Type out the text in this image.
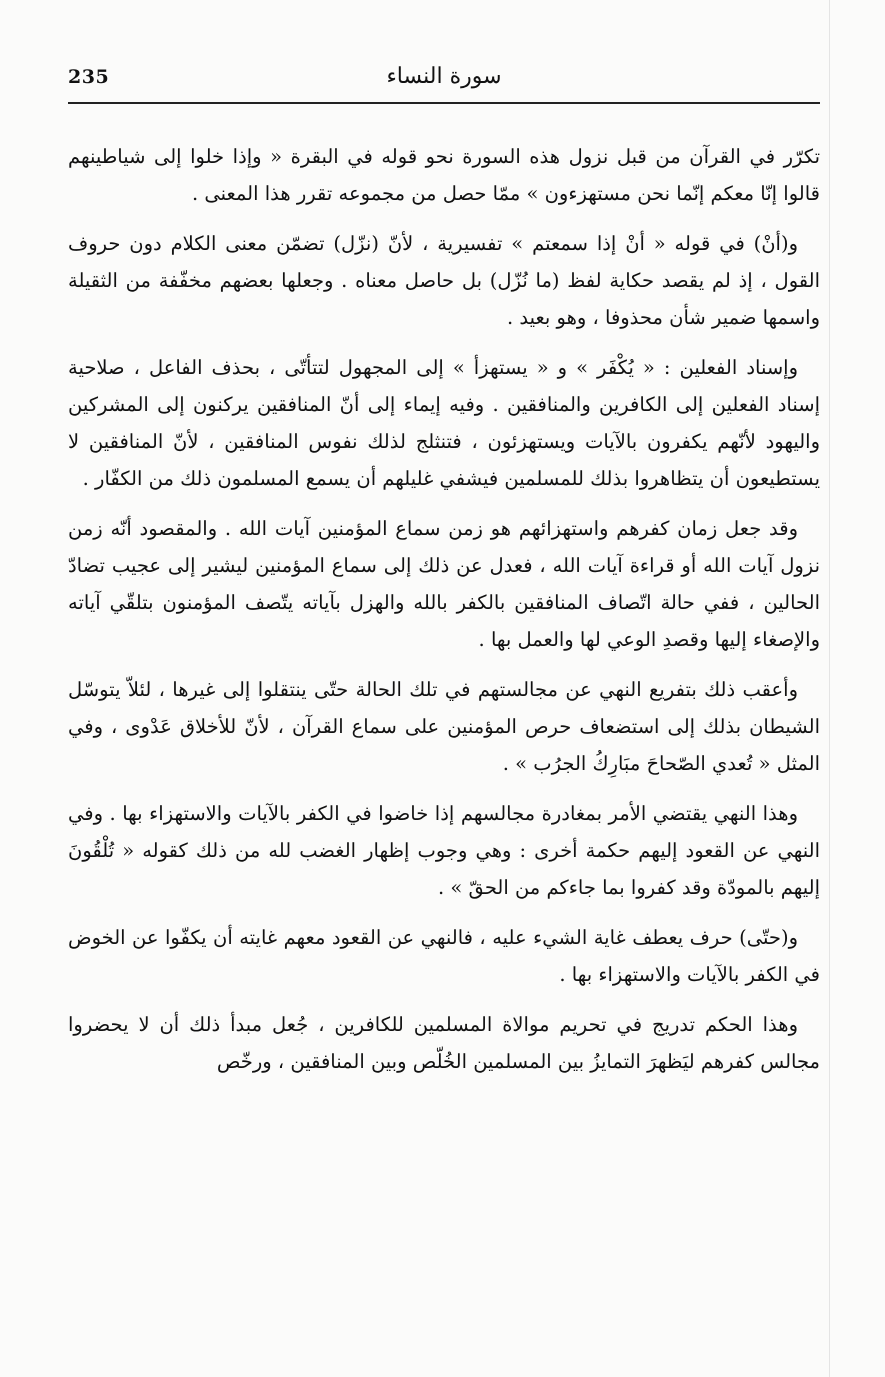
235	سورة النساء

تكرّر في القرآن من قبل نزول هذه السورة نحو قوله في البقرة « وإذا خلوا إلى شياطينهم قالوا إنّا معكم إنّما نحن مستهزءون » ممّا حصل من مجموعه تقرر هذا المعنى .

و(أنْ) في قوله « أنْ إذا سمعتم » تفسيرية ، لأنّ (نزّل) تضمّن معنى الكلام دون حروف القول ، إذ لم يقصد حكاية لفظ (ما نُزّل) بل حاصل معناه . وجعلها بعضهم مخفّفة من الثقيلة واسمها ضمير شأن محذوفا ، وهو بعيد .

وإسناد الفعلين : « يُكْفَر » و « يستهزأ » إلى المجهول لتتأتّى ، بحذف الفاعل ، صلاحية إسناد الفعلين إلى الكافرين والمنافقين . وفيه إيماء إلى أنّ المنافقين يركنون إلى المشركين واليهود لأنّهم يكفرون بالآيات ويستهزئون ، فتنثلج لذلك نفوس المنافقين ، لأنّ المنافقين لا يستطيعون أن يتظاهروا بذلك للمسلمين فيشفي غليلهم أن يسمع المسلمون ذلك من الكفّار .

وقد جعل زمان كفرهم واستهزائهم هو زمن سماع المؤمنين آيات الله . والمقصود أنّه زمن نزول آيات الله أو قراءة آيات الله ، فعدل عن ذلك إلى سماع المؤمنين ليشير إلى عجيب تضادّ الحالين ، ففي حالة اتّصاف المنافقين بالكفر بالله والهزل بآياته يتّصف المؤمنون بتلقّي آياته والإصغاء إليها وقصدِ الوعي لها والعمل بها .

وأعقب ذلك بتفريع النهي عن مجالستهم في تلك الحالة حتّى ينتقلوا إلى غيرها ، لئلاّ يتوسّل الشيطان بذلك إلى استضعاف حرص المؤمنين على سماع القرآن ، لأنّ للأخلاق عَدْوى ، وفي المثل « تُعدي الصّحاحَ مبَارِكُ الجرُب » .

وهذا النهي يقتضي الأمر بمغادرة مجالسهم إذا خاضوا في الكفر بالآيات والاستهزاء بها . وفي النهي عن القعود إليهم حكمة أخرى : وهي وجوب إظهار الغضب لله من ذلك كقوله « تُلْقُونَ إليهم بالمودّة وقد كفروا بما جاءكم من الحقّ » .

و(حتّى) حرف يعطف غاية الشيء عليه ، فالنهي عن القعود معهم غايته أن يكفّوا عن الخوض في الكفر بالآيات والاستهزاء بها .

وهذا الحكم تدريج في تحريم موالاة المسلمين للكافرين ، جُعل مبدأ ذلك أن لا يحضروا مجالس كفرهم ليَظهرَ التمايزُ بين المسلمين الخُلّص وبين المنافقين ، ورخّص
